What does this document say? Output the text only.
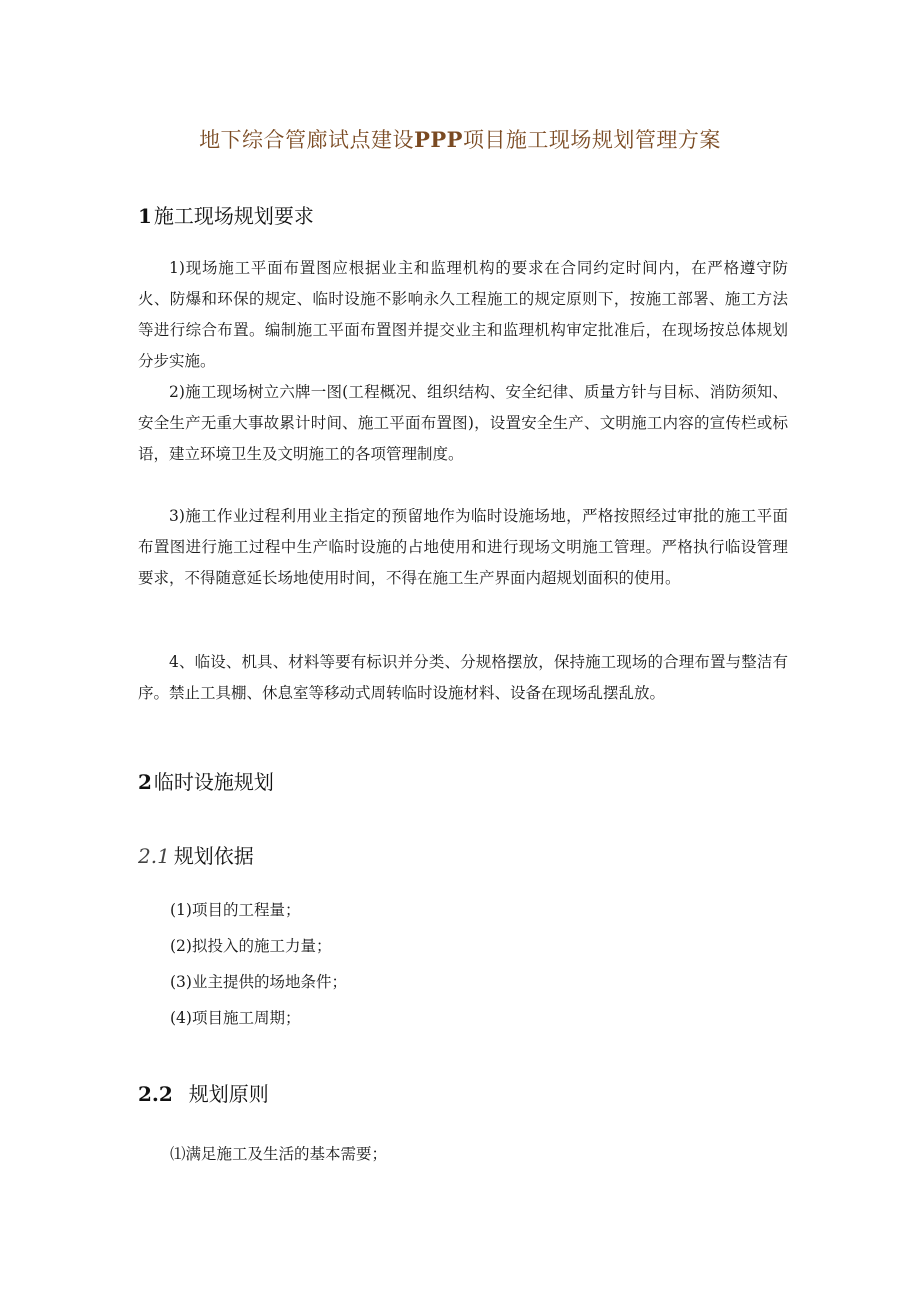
地下综合管廊试点建设PPP项目施工现场规划管理方案
1 施工现场规划要求

1)现场施工平面布置图应根据业主和监理机构的要求在合同约定时间内，在严格遵守防火、防爆和环保的规定、临时设施不影响永久工程施工的规定原则下，按施工部署、施工方法等进行综合布置。编制施工平面布置图并提交业主和监理机构审定批准后，在现场按总体规划分步实施。

2)施工现场树立六牌一图(工程概况、组织结构、安全纪律、质量方针与目标、消防须知、安全生产无重大事故累计时间、施工平面布置图)，设置安全生产、文明施工内容的宣传栏或标语，建立环境卫生及文明施工的各项管理制度。

3)施工作业过程利用业主指定的预留地作为临时设施场地，严格按照经过审批的施工平面布置图进行施工过程中生产临时设施的占地使用和进行现场文明施工管理。严格执行临设管理要求，不得随意延长场地使用时间，不得在施工生产界面内超规划面积的使用。

4、临设、机具、材料等要有标识并分类、分规格摆放，保持施工现场的合理布置与整洁有序。禁止工具棚、休息室等移动式周转临时设施材料、设备在现场乱摆乱放。

2 临时设施规划
2.1 规划依据

(1)项目的工程量；

(2)拟投入的施工力量；

(3)业主提供的场地条件；

(4)项目施工周期；

2.2 规划原则

⑴满足施工及生活的基本需要；
